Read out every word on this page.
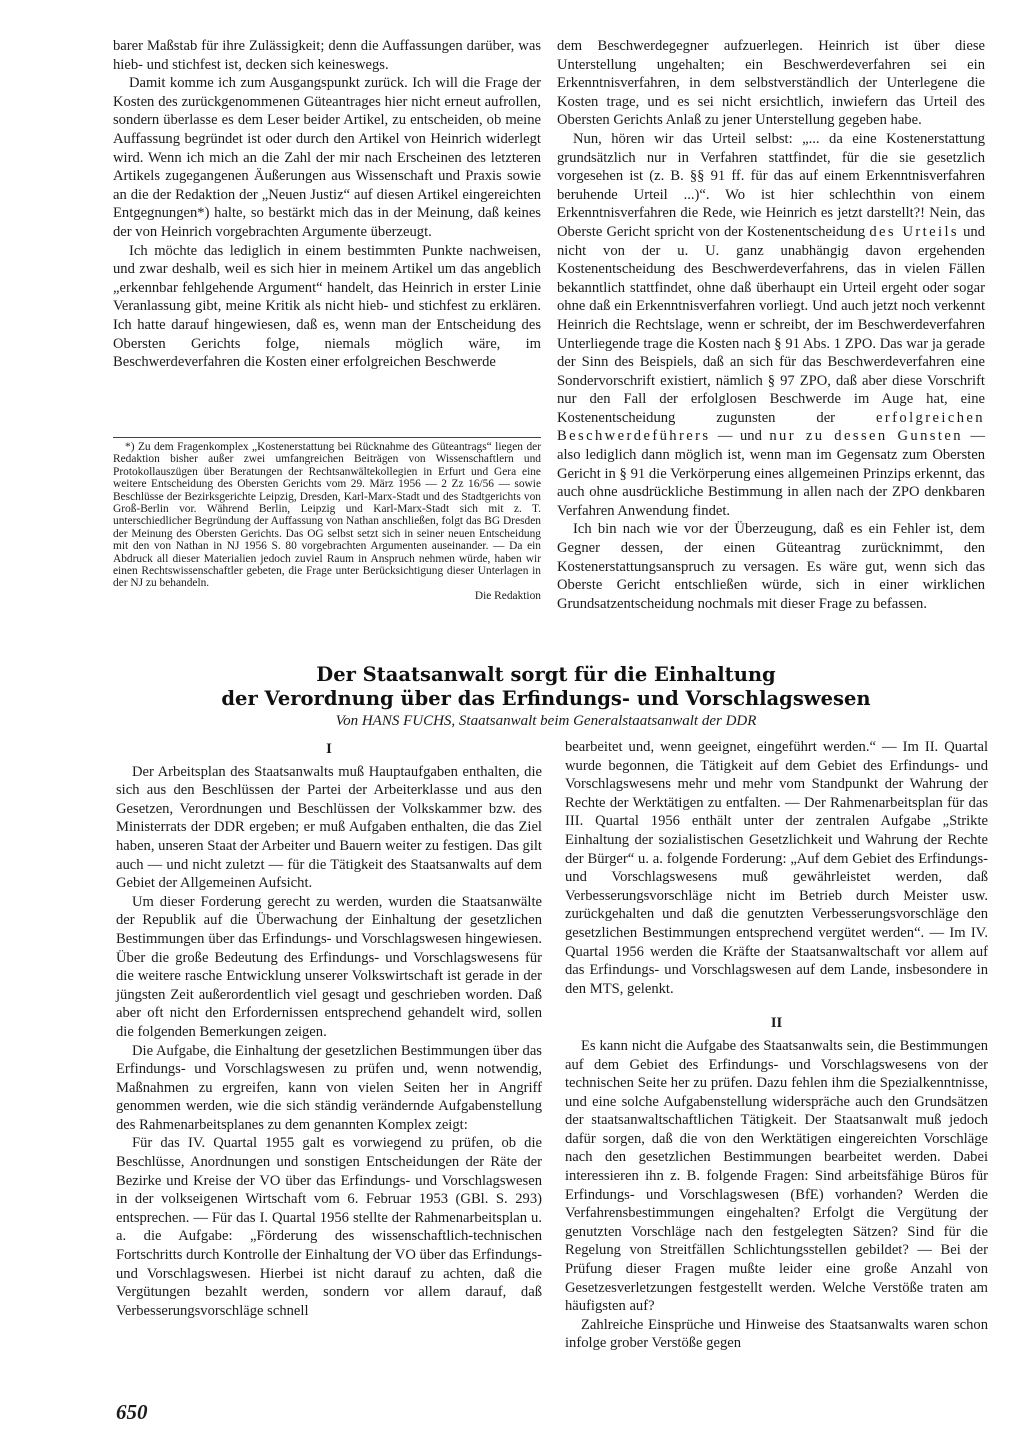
barer Maßstab für ihre Zulässigkeit; denn die Auffassungen darüber, was hieb- und stichfest ist, decken sich keineswegs.

Damit komme ich zum Ausgangspunkt zurück. Ich will die Frage der Kosten des zurückgenommenen Güteantrages hier nicht erneut aufrollen, sondern überlasse es dem Leser beider Artikel, zu entscheiden, ob meine Auffassung begründet ist oder durch den Artikel von Heinrich widerlegt wird. Wenn ich mich an die Zahl der mir nach Erscheinen des letzteren Artikels zugegangenen Äußerungen aus Wissenschaft und Praxis sowie an die der Redaktion der „Neuen Justiz“ auf diesen Artikel eingereichten Entgegnungen*) halte, so bestärkt mich das in der Meinung, daß keines der von Heinrich vorgebrachten Argumente überzeugt.

Ich möchte das lediglich in einem bestimmten Punkte nachweisen, und zwar deshalb, weil es sich hier in meinem Artikel um das angeblich „erkennbar fehlgehende Argument“ handelt, das Heinrich in erster Linie Veranlassung gibt, meine Kritik als nicht hieb- und stichfest zu erklären. Ich hatte darauf hingewiesen, daß es, wenn man der Entscheidung des Obersten Gerichts folge, niemals möglich wäre, im Beschwerdeverfahren die Kosten einer erfolgreichen Beschwerde

*) Zu dem Fragenkomplex „Kostenerstattung bei Rücknahme des Güteantrags“ liegen der Redaktion bisher außer zwei umfangreichen Beiträgen von Wissenschaftlern und Protokollauszügen über Beratungen der Rechtsanwältekollegien in Erfurt und Gera eine weitere Entscheidung des Obersten Gerichts vom 29. März 1956 — 2 Zz 16/56 — sowie Beschlüsse der Bezirksgerichte Leipzig, Dresden, Karl-Marx-Stadt und des Stadtgerichts von Groß-Berlin vor. Während Berlin, Leipzig und Karl-Marx-Stadt sich mit z. T. unterschiedlicher Begründung der Auffassung von Nathan anschließen, folgt das BG Dresden der Meinung des Obersten Gerichts. Das OG selbst setzt sich in seiner neuen Entscheidung mit den von Nathan in NJ 1956 S. 80 vorgebrachten Argumenten auseinander. — Da ein Abdruck all dieser Materialien jedoch zuviel Raum in Anspruch nehmen würde, haben wir einen Rechtswissenschaftler gebeten, die Frage unter Berücksichtigung dieser Unterlagen in der NJ zu behandeln.

Die Redaktion

dem Beschwerdegegner aufzuerlegen. Heinrich ist über diese Unterstellung ungehalten; ein Beschwerdeverfahren sei ein Erkenntnisverfahren, in dem selbstverständlich der Unterlegene die Kosten trage, und es sei nicht ersichtlich, inwiefern das Urteil des Obersten Gerichts Anlaß zu jener Unterstellung gegeben habe.

Nun, hören wir das Urteil selbst: „... da eine Kostenerstattung grundsätzlich nur in Verfahren stattfindet, für die sie gesetzlich vorgesehen ist (z. B. §§ 91 ff. für das auf einem Erkenntnisverfahren beruhende Urteil ...)“. Wo ist hier schlechthin von einem Erkenntnisverfahren die Rede, wie Heinrich es jetzt darstellt?! Nein, das Oberste Gericht spricht von der Kostenentscheidung des Urteils und nicht von der u. U. ganz unabhängig davon ergehenden Kostenentscheidung des Beschwerdeverfahrens, das in vielen Fällen bekanntlich stattfindet, ohne daß überhaupt ein Urteil ergeht oder sogar ohne daß ein Erkenntnisverfahren vorliegt. Und auch jetzt noch verkennt Heinrich die Rechtslage, wenn er schreibt, der im Beschwerdeverfahren Unterliegende trage die Kosten nach § 91 Abs. 1 ZPO. Das war ja gerade der Sinn des Beispiels, daß an sich für das Beschwerdeverfahren eine Sondervorschrift existiert, nämlich § 97 ZPO, daß aber diese Vorschrift nur den Fall der erfolglosen Beschwerde im Auge hat, eine Kostenentscheidung zugunsten der	erfolgreichen Beschwerdeführers — und nur zu dessen Gunsten — also lediglich dann möglich ist, wenn man im Gegensatz zum Obersten Gericht in § 91 die Verkörperung eines allgemeinen Prinzips erkennt, das auch ohne ausdrückliche Bestimmung in allen nach der ZPO denkbaren Verfahren Anwendung findet.

Ich bin nach wie vor der Überzeugung, daß es ein Fehler ist, dem Gegner dessen, der einen Güteantrag zurücknimmt, den Kostenerstattungsanspruch zu versagen. Es wäre gut, wenn sich das Oberste Gericht entschließen würde, sich in einer wirklichen Grundsatzentscheidung nochmals mit dieser Frage zu befassen.

Der Staatsanwalt sorgt für die Einhaltung
der Verordnung über das Erfindungs- und Vorschlagswesen
Von HANS FUCHS, Staatsanwalt beim Generalstaatsanwalt der DDR

I

Der Arbeitsplan des Staatsanwalts muß Hauptaufgaben enthalten, die sich aus den Beschlüssen der Partei der Arbeiterklasse und aus den Gesetzen, Verordnungen und Beschlüssen der Volkskammer bzw. des Ministerrats der DDR ergeben; er muß Aufgaben enthalten, die das Ziel haben, unseren Staat der Arbeiter und Bauern weiter zu festigen. Das gilt auch — und nicht zuletzt — für die Tätigkeit des Staatsanwalts auf dem Gebiet der Allgemeinen Aufsicht.

Um dieser Forderung gerecht zu werden, wurden die Staatsanwälte der Republik auf die Überwachung der Einhaltung der gesetzlichen Bestimmungen über das Erfindungs- und Vorschlagswesen hingewiesen. Über die große Bedeutung des Erfindungs- und Vorschlagswesens für die weitere rasche Entwicklung unserer Volkswirtschaft ist gerade in der jüngsten Zeit außerordentlich viel gesagt und geschrieben worden. Daß aber oft nicht den Erfordernissen entsprechend gehandelt wird, sollen die folgenden Bemerkungen zeigen.

Die Aufgabe, die Einhaltung der gesetzlichen Bestimmungen über das Erfindungs- und Vorschlagswesen zu prüfen und, wenn notwendig, Maßnahmen zu ergreifen, kann von vielen Seiten her in Angriff genommen werden, wie die sich ständig verändernde Aufgabenstellung des Rahmenarbeitsplanes zu dem genannten Komplex zeigt:

Für das IV. Quartal 1955 galt es vorwiegend zu prüfen, ob die Beschlüsse, Anordnungen und sonstigen Entscheidungen der Räte der Bezirke und Kreise der VO über das Erfindungs- und Vorschlagswesen in der volkseigenen Wirtschaft vom 6. Februar 1953 (GBl. S. 293) entsprechen. — Für das I. Quartal 1956 stellte der Rahmenarbeitsplan u. a. die Aufgabe: „Förderung des wissenschaftlich-technischen Fortschritts durch Kontrolle der Einhaltung der VO über das Erfindungs- und Vorschlagswesen. Hierbei ist nicht darauf zu achten, daß die Vergütungen bezahlt werden, sondern vor allem darauf, daß Verbesserungsvorschläge schnell

bearbeitet und, wenn geeignet, eingeführt werden.“ — Im II. Quartal wurde begonnen, die Tätigkeit auf dem Gebiet des Erfindungs- und Vorschlagswesens mehr und mehr vom Standpunkt der Wahrung der Rechte der Werktätigen zu entfalten. — Der Rahmenarbeitsplan für das III. Quartal 1956 enthält unter der zentralen Aufgabe „Strikte Einhaltung der sozialistischen Gesetzlichkeit und Wahrung der Rechte der Bürger“ u. a. folgende Forderung: „Auf dem Gebiet des Erfindungs- und Vorschlagswesens muß gewährleistet werden, daß Verbesserungsvorschläge nicht im Betrieb durch Meister usw. zurückgehalten und daß die genutzten Verbesserungsvorschläge den gesetzlichen Bestimmungen entsprechend vergütet werden“. — Im IV. Quartal 1956 werden die Kräfte der Staatsanwaltschaft vor allem auf das Erfindungs- und Vorschlagswesen auf dem Lande, insbesondere in den MTS, gelenkt.

II

Es kann nicht die Aufgabe des Staatsanwalts sein, die Bestimmungen auf dem Gebiet des Erfindungs- und Vorschlagswesens von der technischen Seite her zu prüfen. Dazu fehlen ihm die Spezialkenntnisse, und eine solche Aufgabenstellung widerspräche auch den Grundsätzen der staatsanwaltschaftlichen Tätigkeit. Der Staatsanwalt muß jedoch dafür sorgen, daß die von den Werktätigen eingereichten Vorschläge nach den gesetzlichen Bestimmungen bearbeitet werden. Dabei interessieren ihn z. B. folgende Fragen: Sind arbeitsfähige Büros für Erfindungs- und Vorschlagswesen (BfE) vorhanden? Werden die Verfahrensbestimmungen eingehalten? Erfolgt die Vergütung der genutzten Vorschläge nach den festgelegten Sätzen? Sind für die Regelung von Streitfällen Schlichtungsstellen gebildet? — Bei der Prüfung dieser Fragen mußte leider eine große Anzahl von Gesetzesverletzungen festgestellt werden. Welche Verstöße traten am häufigsten auf?

Zahlreiche Einsprüche und Hinweise des Staatsanwalts waren schon infolge grober Verstöße gegen

650
